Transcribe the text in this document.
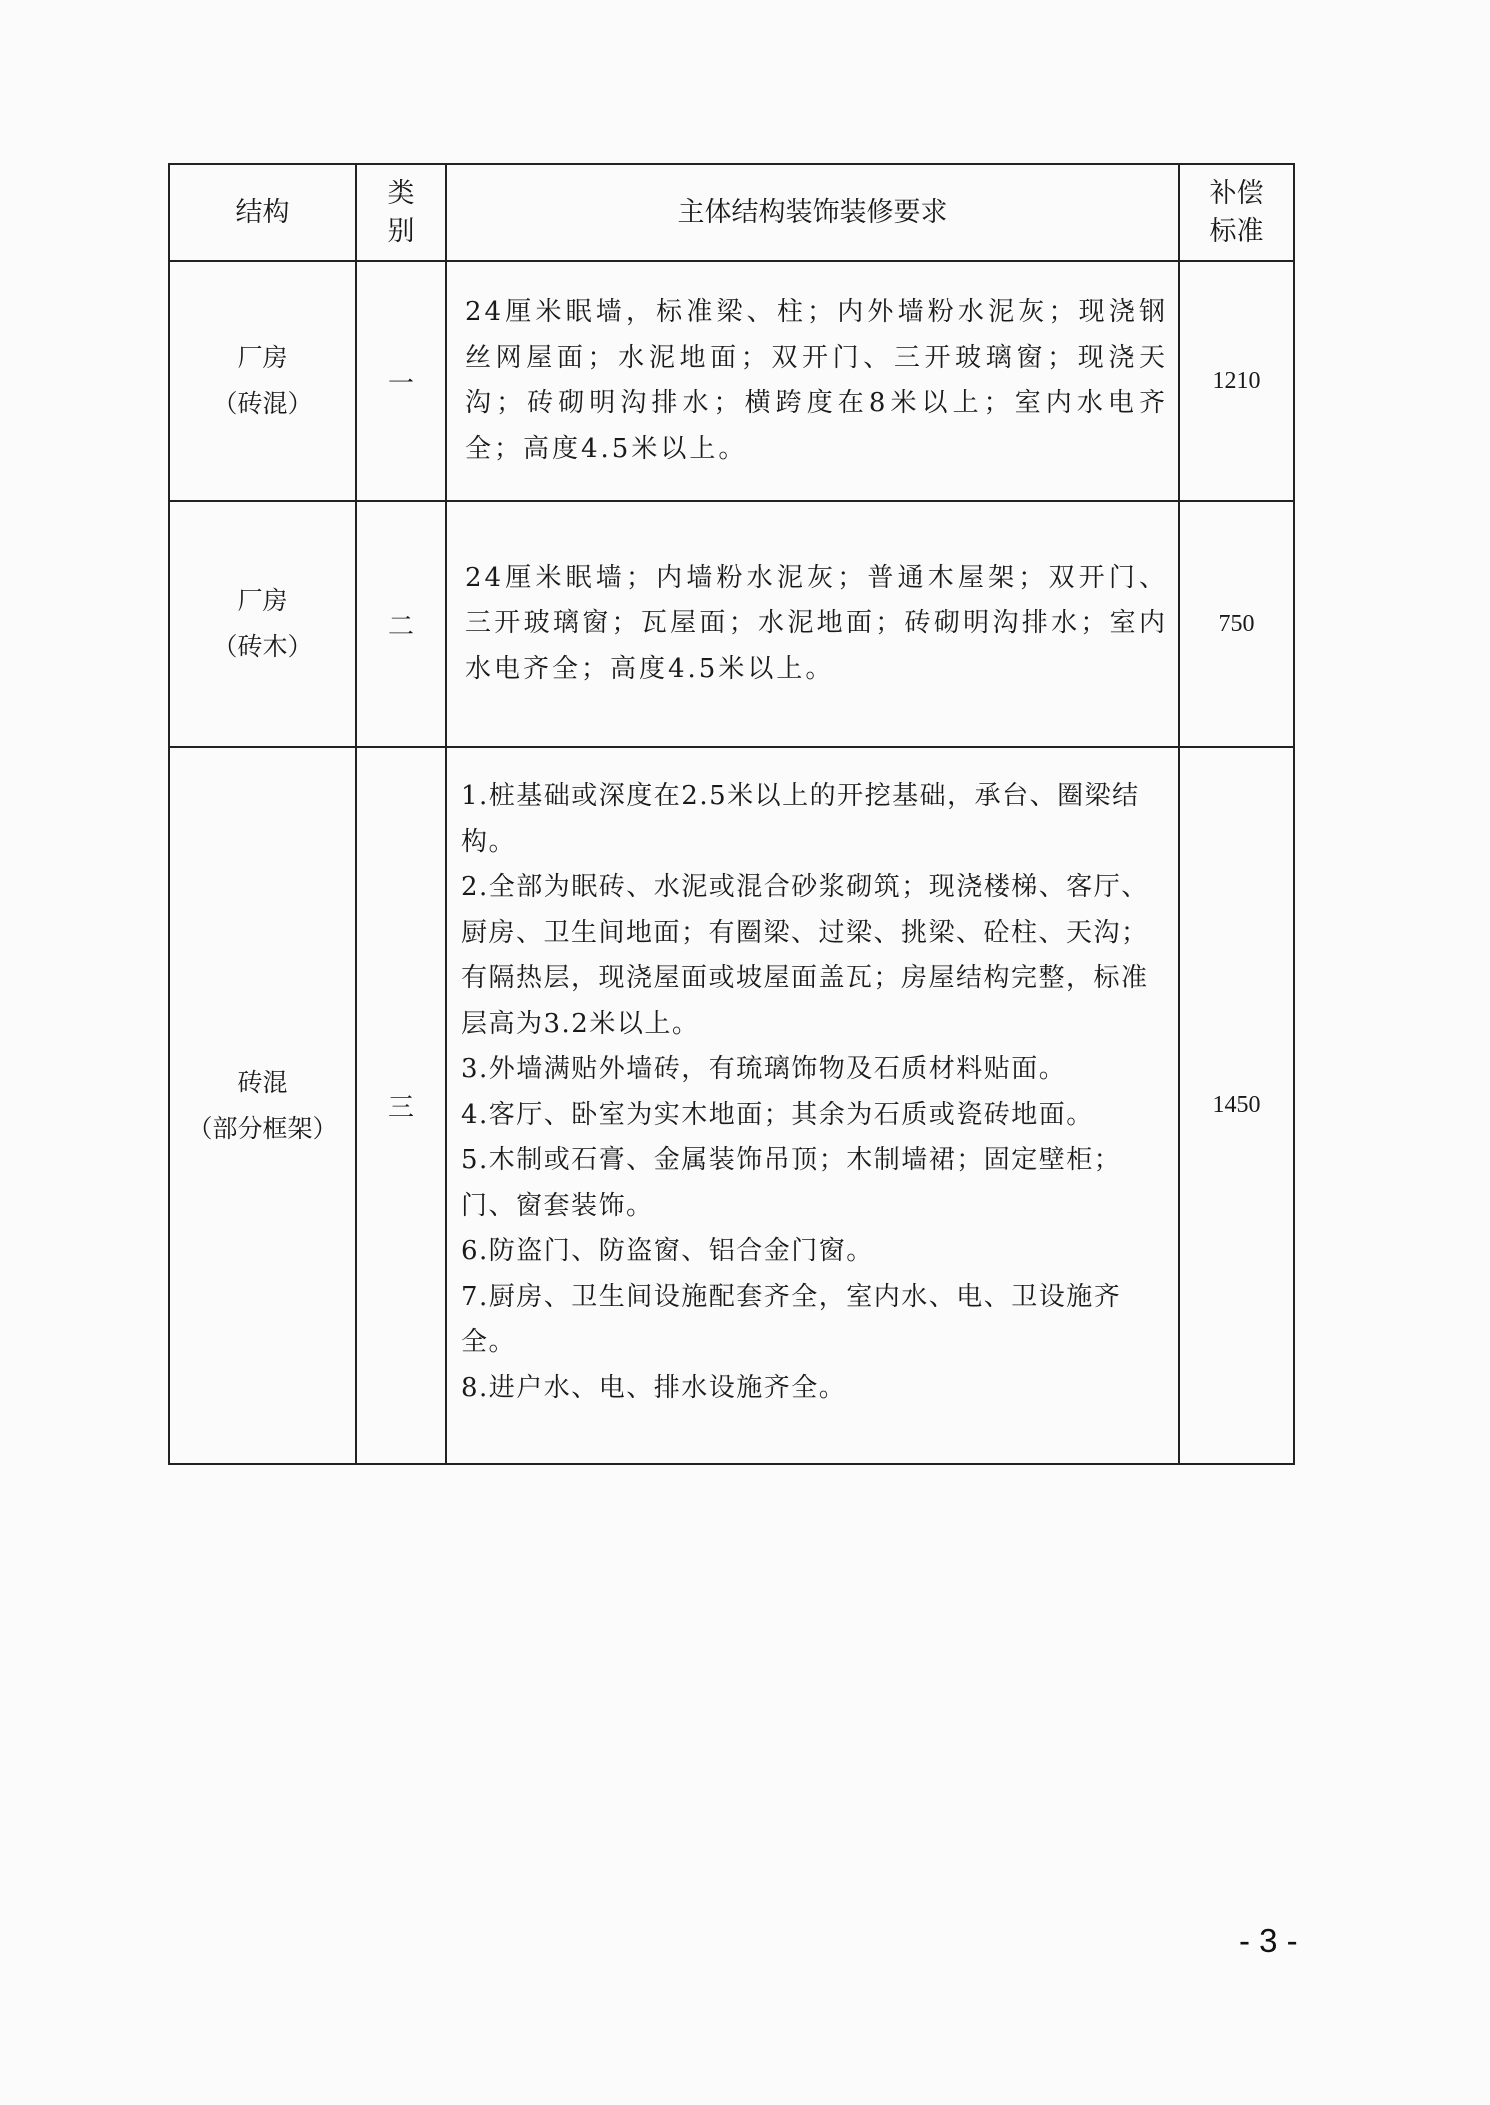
结构
类
别
主体结构装饰装修要求
补偿
标准
厂房
（砖混）
一
24厘米眠墙，标准梁、柱；内外墙粉水泥灰；现浇钢丝网屋面；水泥地面；双开门、三开玻璃窗；现浇天沟；砖砌明沟排水；横跨度在8米以上；室内水电齐全；高度4.5米以上。
1210
厂房
（砖木）
二
24厘米眠墙；内墙粉水泥灰；普通木屋架；双开门、三开玻璃窗；瓦屋面；水泥地面；砖砌明沟排水；室内水电齐全；高度4.5米以上。
750
砖混
（部分框架）
三
1.桩基础或深度在2.5米以上的开挖基础，承台、圈梁结构。
2.全部为眠砖、水泥或混合砂浆砌筑；现浇楼梯、客厅、厨房、卫生间地面；有圈梁、过梁、挑梁、砼柱、天沟；有隔热层，现浇屋面或坡屋面盖瓦；房屋结构完整，标准层高为3.2米以上。
3.外墙满贴外墙砖，有琉璃饰物及石质材料贴面。
4.客厅、卧室为实木地面；其余为石质或瓷砖地面。
5.木制或石膏、金属装饰吊顶；木制墙裙；固定壁柜；门、窗套装饰。
6.防盗门、防盗窗、铝合金门窗。
7.厨房、卫生间设施配套齐全，室内水、电、卫设施齐全。
8.进户水、电、排水设施齐全。
1450
- 3 -
